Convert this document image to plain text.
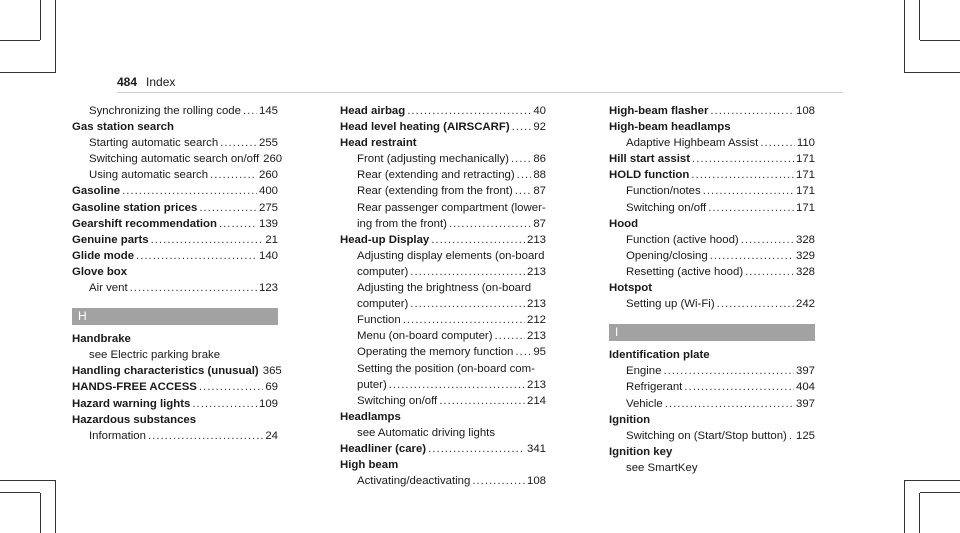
484 Index
Synchronizing the rolling code ..... 145
Gas station search
Starting automatic search .....	255
Switching automatic search on/off 260
Using automatic search .....	260
Gasoline .....	400
Gasoline station prices .....	275
Gearshift recommendation .....	139
Genuine parts .....	21
Glide mode .....	140
Glove box
Air vent .....	123
H
Handbrake
see Electric parking brake
Handling characteristics (unusual) 365
HANDS-FREE ACCESS .....	69
Hazard warning lights .....	109
Hazardous substances
Information .....	24
Head airbag .....	40
Head level heating (AIRSCARF) ..... 92
Head restraint
Front (adjusting mechanically) ..... 86
Rear (extending and retracting) ..... 88
Rear (extending from the front) ..... 87
Rear passenger compartment (lower-
ing from the front) .....	87
Head-up Display .....	213
Adjusting display elements (on-board
computer) .....	213
Adjusting the brightness (on-board
computer) .....	213
Function .....	212
Menu (on-board computer) .....	213
Operating the memory function ..... 95
Setting the position (on-board com-
puter) .....	213
Switching on/off .....	214
Headlamps
see Automatic driving lights
Headliner (care) .....	341
High beam
Activating/deactivating .....	108
High-beam flasher .....	108
High-beam headlamps
Adaptive Highbeam Assist .....	110
Hill start assist .....	171
HOLD function .....	171
Function/notes .....	171
Switching on/off .....	171
Hood
Function (active hood) .....	328
Opening/closing .....	329
Resetting (active hood) .....	328
Hotspot
Setting up (Wi-Fi) .....	242
I
Identification plate
Engine .....	397
Refrigerant .....	404
Vehicle .....	397
Ignition
Switching on (Start/Stop button) ..... 125
Ignition key
see SmartKey
